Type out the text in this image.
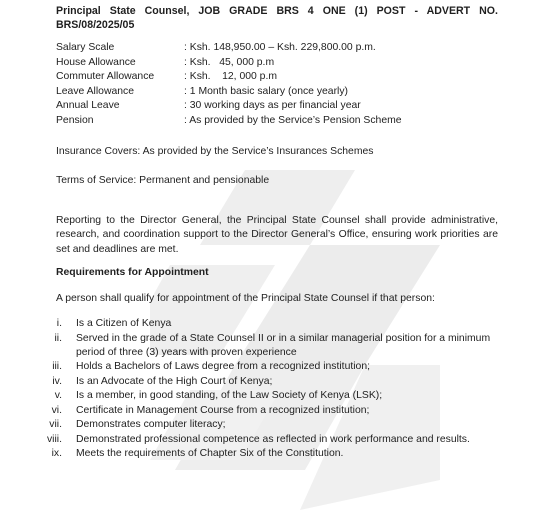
Principal State Counsel, JOB GRADE BRS 4 ONE (1) POST - ADVERT NO. BRS/08/2025/05

Salary Scale	: Ksh. 148,950.00 – Ksh. 229,800.00 p.m.
House Allowance	: Ksh.   45, 000 p.m
Commuter Allowance	: Ksh.    12, 000 p.m
Leave Allowance	: 1 Month basic salary (once yearly)
Annual Leave	: 30 working days as per financial year
Pension	: As provided by the Service’s Pension Scheme

Insurance Covers: As provided by the Service’s Insurances Schemes

Terms of Service: Permanent and pensionable

Reporting to the Director General, the Principal State Counsel shall provide administrative, research, and coordination support to the Director General’s Office, ensuring work priorities are set and deadlines are met.

Requirements for Appointment

A person shall qualify for appointment of the Principal State Counsel if that person:

i.	Is a Citizen of Kenya
ii.	Served in the grade of a State Counsel II or in a similar managerial position for a minimum period of three (3) years with proven experience
iii.	Holds a Bachelors of Laws degree from a recognized institution;
iv.	Is an Advocate of the High Court of Kenya;
v.	Is a member, in good standing, of the Law Society of Kenya (LSK);
vi.	Certificate in Management Course from a recognized institution;
vii.	Demonstrates computer literacy;
viii.	Demonstrated professional competence as reflected in work performance and results.
ix.	Meets the requirements of Chapter Six of the Constitution.
